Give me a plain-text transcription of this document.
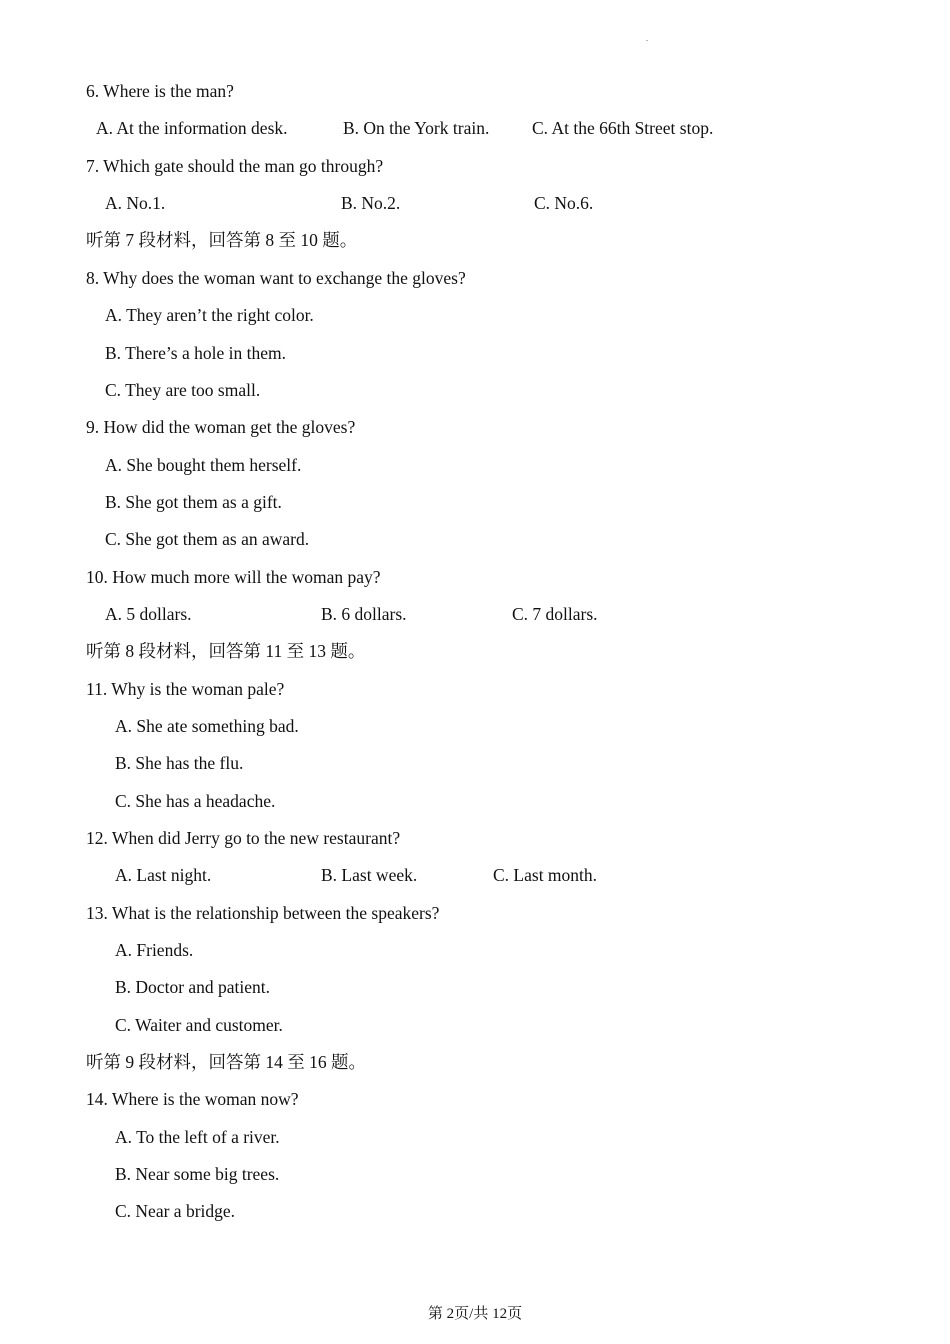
.
6. Where is the man?
A. At the information desk.	B. On the York train. C. At the 66th Street stop.
7. Which gate should the man go through?
A. No.1.	B. No.2.	C. No.6.
听第 7 段材料，回答第 8 至 10 题。
8. Why does the woman want to exchange the gloves?
A. They aren’t the right color.
B. There’s a hole in them.
C. They are too small.
9. How did the woman get the gloves?
A. She bought them herself.
B. She got them as a gift.
C. She got them as an award.
10. How much more will the woman pay?
A. 5 dollars.	B. 6 dollars.	C. 7 dollars.
听第 8 段材料，回答第 11 至 13 题。
11. Why is the woman pale?
A. She ate something bad.
B. She has the flu.
C. She has a headache.
12. When did Jerry go to the new restaurant?
A. Last night.	B. Last week.	C. Last month.
13. What is the relationship between the speakers?
A. Friends.
B. Doctor and patient.
C. Waiter and customer.
听第 9 段材料，回答第 14 至 16 题。
14. Where is the woman now?
A. To the left of a river.
B. Near some big trees.
C. Near a bridge.
第 2页/共 12页
